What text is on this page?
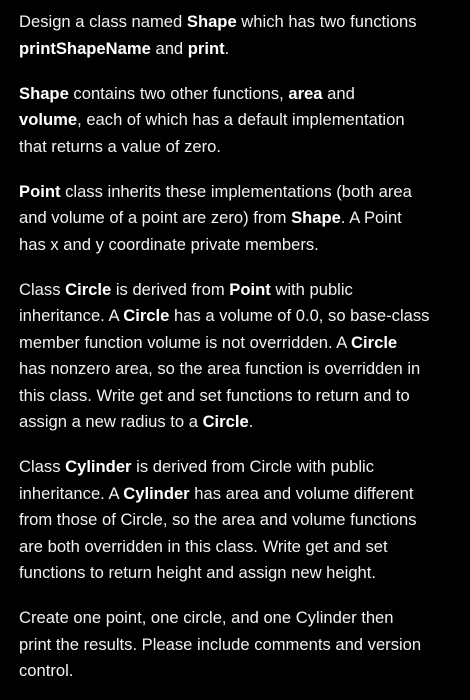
Design a class named Shape which has two functions
printShapeName and print.
Shape contains two other functions, area and
volume, each of which has a default implementation
that returns a value of zero.
Point class inherits these implementations (both area
and volume of a point are zero) from Shape. A Point
has x and y coordinate private members.
Class Circle is derived from Point with public
inheritance. A Circle has a volume of 0.0, so base-class
member function volume is not overridden. A Circle
has nonzero area, so the area function is overridden in
this class. Write get and set functions to return and to
assign a new radius to a Circle.
Class Cylinder is derived from Circle with public
inheritance. A Cylinder has area and volume different
from those of Circle, so the area and volume functions
are both overridden in this class. Write get and set
functions to return height and assign new height.
Create one point, one circle, and one Cylinder then
print the results. Please include comments and version
control.
